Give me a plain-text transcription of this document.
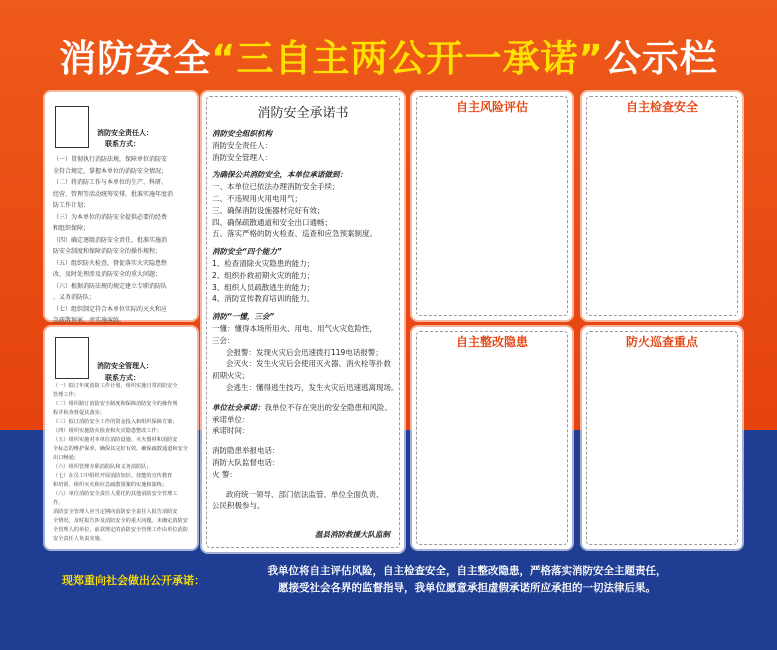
消防安全“三自主两公开一承诺”公示栏
消防安全责任人：
联系方式：
（一）贯彻执行消防法规，保障单位消防安
全符合规定，掌握本单位的消防安全情况；
（二）将消防工作与本单位的生产、科研、
经营、管理等活动统筹安排，批准实施年度消
防工作计划；
（三）为本单位的消防安全提供必要的经费
和组织保障；
（四）确定逐级消防安全责任，批准实施消
防安全制度和保障消防安全的操作规程；
（五）组织防火检查，督促落实火灾隐患整
改，及时处理涉及消防安全的重大问题；
（六）根据消防法规的规定建立专职消防队
、义务消防队；
（七）组织制定符合本单位实际的灭火和应
急疏散预案，并实施演练。
消防安全管理人：
联系方式：
（一）拟订年度消防工作计划，组织实施日常消防安全
管理工作；
（二）组织制订消防安全制度和保障消防安全的操作规
程并检查督促其落实；
（三）拟订消防安全工作的资金投入和组织保障方案；
（四）组织实施防火检查和火灾隐患整改工作；
（五）组织实施对本单位消防设施、灭火器材和消防安
全标志的维护保养，确保其完好有效，确保疏散通道和安全
出口畅通；
（六）组织管理专职消防队和义务消防队；
（七）在员工中组织开展消防知识、技能的宣传教育
和培训，组织灭火和应急疏散预案的实施和演练；
（八）单位消防安全责任人委托的其他消防安全管理工
作。
消防安全管理人应当定期向消防安全责任人报告消防安
全情况，及时报告涉及消防安全的重大问题。未确定消防安
全管理人的单位，前款规定的消防安全管理工作由单位消防
安全责任人负责实施。
消防安全承诺书
消防安全组织机构
消防安全责任人：
消防安全管理人：
为确保公共消防安全，本单位承诺做到：
一、本单位已依法办理消防安全手续；
二、不违规用火用电用气；
三、确保消防设施器材完好有效；
四、确保疏散通道和安全出口通畅；
五、落实严格的防火检查、巡查和应急预案制度。
消防安全“四个能力”
1、检查清除火灾隐患的能力；
2、组织扑救初期火灾的能力；
3、组织人员疏散逃生的能力；
4、消防宣传教育培训的能力。
消防“一懂，三会”
一懂：懂得本场所用火、用电、用气火灾危险性，
三会：
会报警：发现火灾后会迅速拨打119电话报警；
会灭火：发生火灾后会使用灭火器、消火栓等扑救
初期火灾；
会逃生：懂得逃生技巧，发生火灾后迅速逃离现场。
单位社会承诺：我单位不存在突出的安全隐患和风险。
承诺单位：
承诺时间：
消防隐患举报电话：
消防大队监督电话：
火 警：
政府统一领导、部门依法监管、单位全面负责、
公民积极参与。
温县消防救援大队监制
自主风险评估	自主检查安全
自主整改隐患	防火巡查重点
现郑重向社会做出公开承诺：
我单位将自主评估风险，自主检查安全，自主整改隐患，严格落实消防安全主题责任，
愿接受社会各界的监督指导，我单位愿意承担虚假承诺所应承担的一切法律后果。
